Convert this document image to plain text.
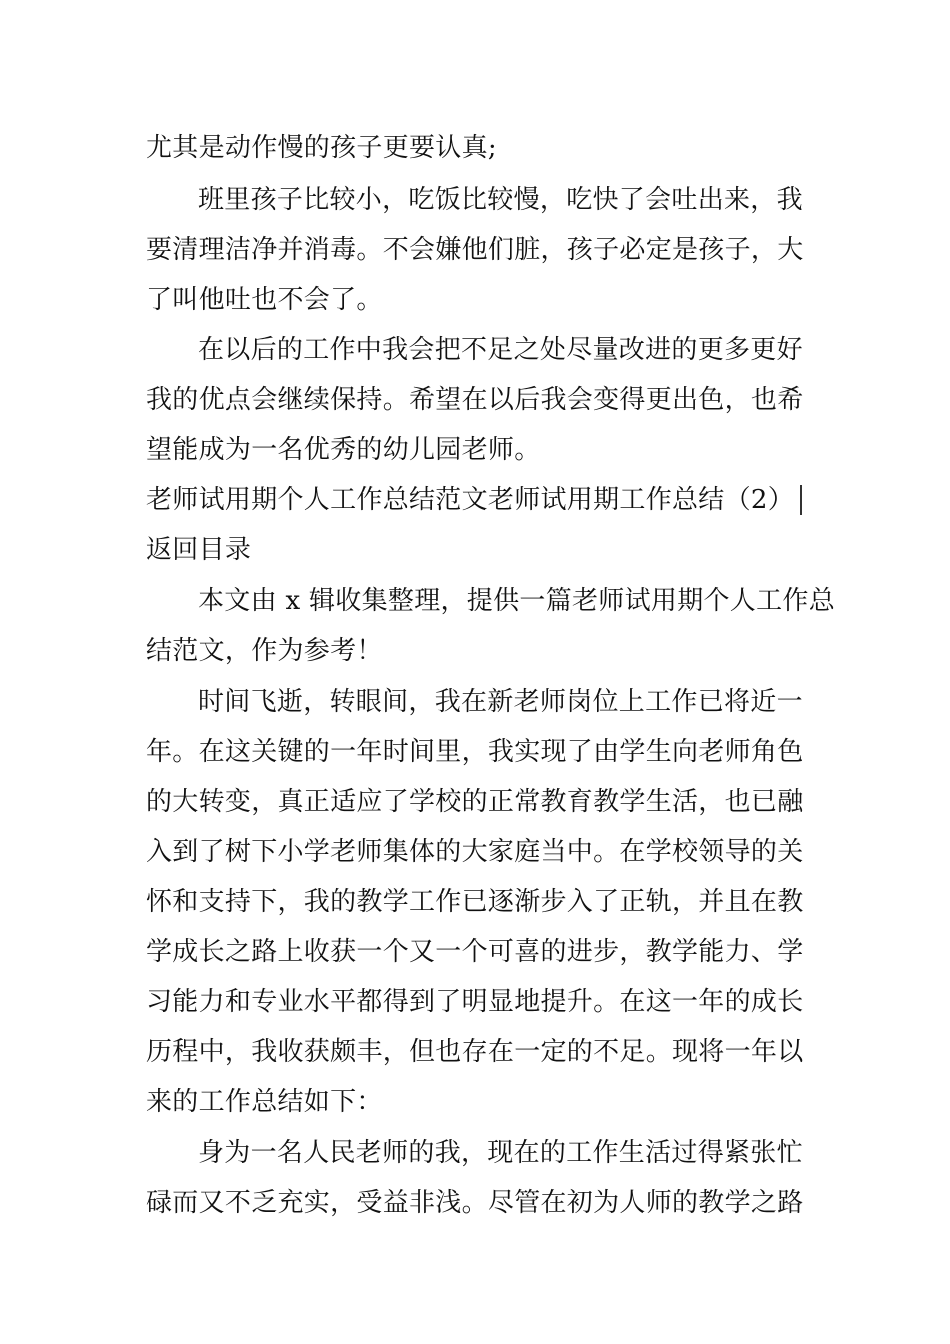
尤其是动作慢的孩子更要认真;
班里孩子比较小，吃饭比较慢，吃快了会吐出来，我
要清理洁净并消毒。不会嫌他们脏，孩子必定是孩子，大
了叫他吐也不会了。
在以后的工作中我会把不足之处尽量改进的更多更好
我的优点会继续保持。希望在以后我会变得更出色，也希
望能成为一名优秀的幼儿园老师。
老师试用期个人工作总结范文老师试用期工作总结（2）
返回目录
本文由 x 辑收集整理，提供一篇老师试用期个人工作总
结范文，作为参考！
时间飞逝，转眼间，我在新老师岗位上工作已将近一
年。在这关键的一年时间里，我实现了由学生向老师角色
的大转变，真正适应了学校的正常教育教学生活，也已融
入到了树下小学老师集体的大家庭当中。在学校领导的关
怀和支持下，我的教学工作已逐渐步入了正轨，并且在教
学成长之路上收获一个又一个可喜的进步，教学能力、学
习能力和专业水平都得到了明显地提升。在这一年的成长
历程中，我收获颇丰，但也存在一定的不足。现将一年以
来的工作总结如下：
身为一名人民老师的我，现在的工作生活过得紧张忙
碌而又不乏充实，受益非浅。尽管在初为人师的教学之路
